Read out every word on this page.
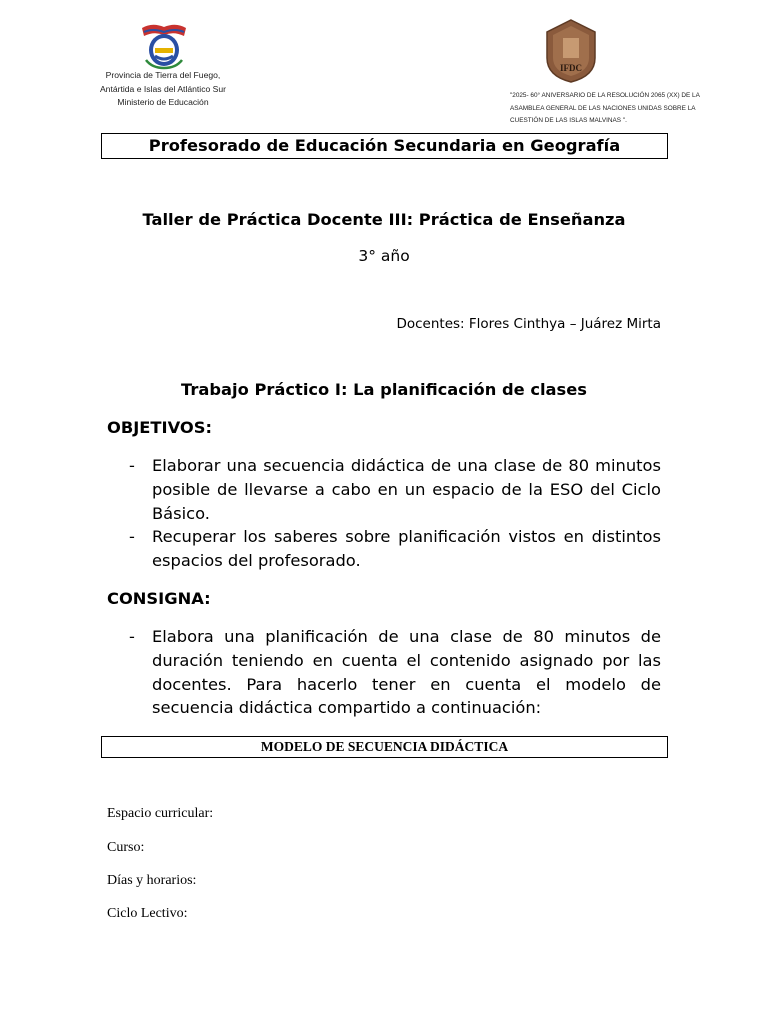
Provincia de Tierra del Fuego,
Antártida e Islas del Atlántico Sur
Ministerio de Educación
IFDC
"2025- 60° ANIVERSARIO DE LA RESOLUCIÓN 2065 (XX) DE LA
ASAMBLEA GENERAL DE LAS NACIONES UNIDAS SOBRE LA
CUESTIÓN DE LAS ISLAS MALVINAS ".
Profesorado de Educación Secundaria en Geografía
Taller de Práctica Docente III: Práctica de Enseñanza
3° año
Docentes: Flores Cinthya – Juárez Mirta
Trabajo Práctico I: La planificación de clases
OBJETIVOS:
- Elaborar una secuencia didáctica de una clase de 80 minutos posible de llevarse a cabo en un espacio de la ESO del Ciclo Básico.
- Recuperar los saberes sobre planificación vistos en distintos espacios del profesorado.
CONSIGNA:
- Elabora una planificación de una clase de 80 minutos de duración teniendo en cuenta el contenido asignado por las docentes. Para hacerlo tener en cuenta el modelo de secuencia didáctica compartido a continuación:
MODELO DE SECUENCIA DIDÁCTICA
Espacio curricular:
Curso:
Días y horarios:
Ciclo Lectivo:
